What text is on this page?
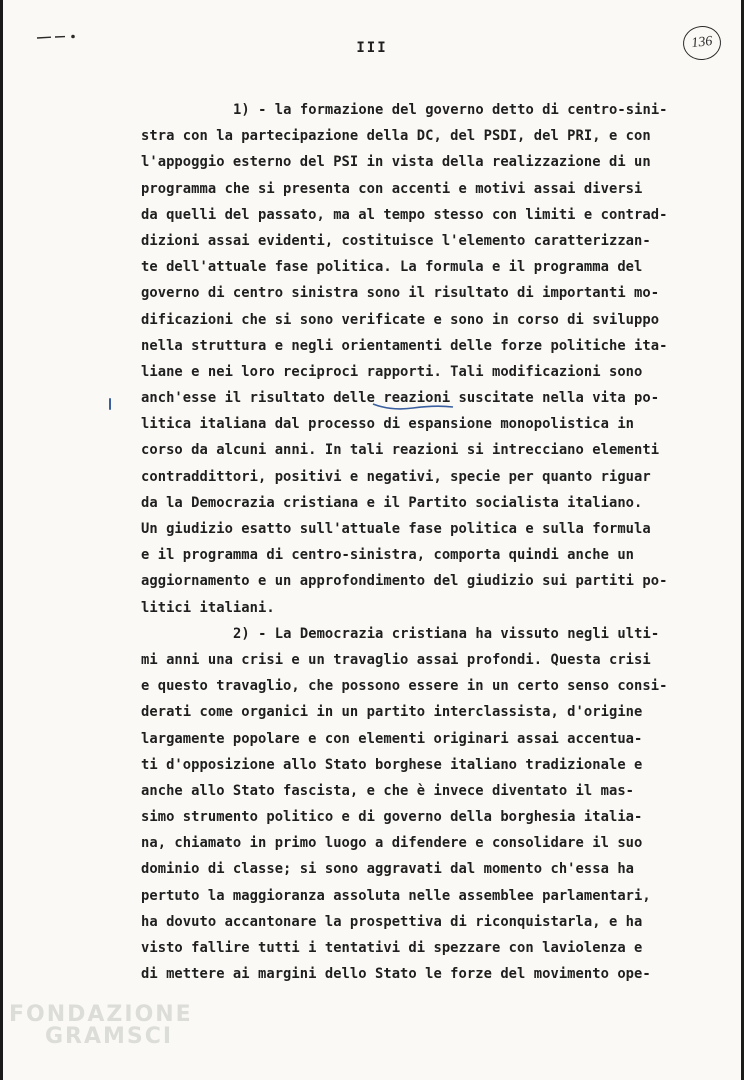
III	136
1) - la formazione del governo detto di centro-sini-
stra con la partecipazione della DC, del PSDI, del PRI, e con
l'appoggio esterno del PSI in vista della realizzazione di un
programma che si presenta con accenti e motivi assai diversi
da quelli del passato, ma al tempo stesso con limiti e contrad-
dizioni assai evidenti, costituisce l'elemento caratterizzan-
te dell'attuale fase politica. La formula e il programma del
governo di centro sinistra sono il risultato di importanti mo-
dificazioni che si sono verificate e sono in corso di sviluppo
nella struttura e negli orientamenti delle forze politiche ita-
liane e nei loro reciproci rapporti. Tali modificazioni sono
anch'esse il risultato delle reazioni suscitate nella vita po-
litica italiana dal processo di espansione monopolistica in
corso da alcuni anni. In tali reazioni si intrecciano elementi
contraddittori, positivi e negativi, specie per quanto riguar
da la Democrazia cristiana e il Partito socialista italiano.
Un giudizio esatto sull'attuale fase politica e sulla formula
e il programma di centro-sinistra, comporta quindi anche un
aggiornamento e un approfondimento del giudizio sui partiti po-
litici italiani.
2) - La Democrazia cristiana ha vissuto negli ulti-
mi anni una crisi e un travaglio assai profondi. Questa crisi
e questo travaglio, che possono essere in un certo senso consi-
derati come organici in un partito interclassista, d'origine
largamente popolare e con elementi originari assai accentua-
ti d'opposizione allo Stato borghese italiano tradizionale e
anche allo Stato fascista, e che è invece diventato il mas-
simo strumento politico e di governo della borghesia italia-
na, chiamato in primo luogo a difendere e consolidare il suo
dominio di classe; si sono aggravati dal momento ch'essa ha
pertuto la maggioranza assoluta nelle assemblee parlamentari,
ha dovuto accantonare la prospettiva di riconquistarla, e ha
visto fallire tutti i tentativi di spezzare con laviolenza e
di mettere ai margini dello Stato le forze del movimento ope-
FONDAZIONE
GRAMSCI
